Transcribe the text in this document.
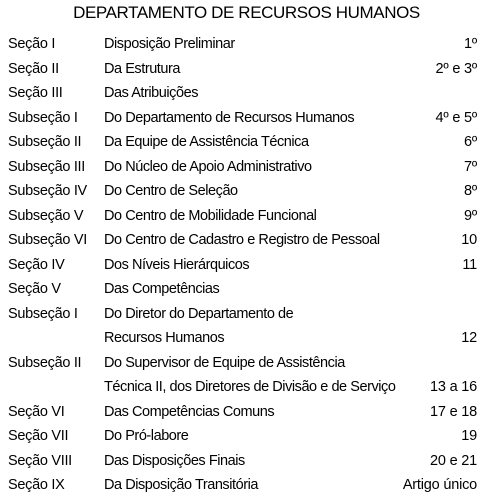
DEPARTAMENTO DE RECURSOS HUMANOS
Seção I	Disposição Preliminar	1º
Seção II	Da Estrutura	2º e 3º
Seção III	Das Atribuições
Subseção I Do Departamento de Recursos Humanos	4º e 5º
Subseção II Da Equipe de Assistência Técnica	6º
Subseção III Do Núcleo de Apoio Administrativo	7º
Subseção IV Do Centro de Seleção	8º
Subseção V Do Centro de Mobilidade Funcional	9º
Subseção VI Do Centro de Cadastro e Registro de Pessoal	10
Seção IV	Dos Níveis Hierárquicos	11
Seção V	Das Competências
Subseção I Do Diretor do Departamento de
Recursos Humanos	12
Subseção II Do Supervisor de Equipe de Assistência
Técnica II, dos Diretores de Divisão e de Serviço 13 a 16
Seção VI	Das Competências Comuns	17 e 18
Seção VII Do Pró-labore	19
Seção VIII Das Disposições Finais	20 e 21
Seção IX	Da Disposição Transitória	Artigo único
